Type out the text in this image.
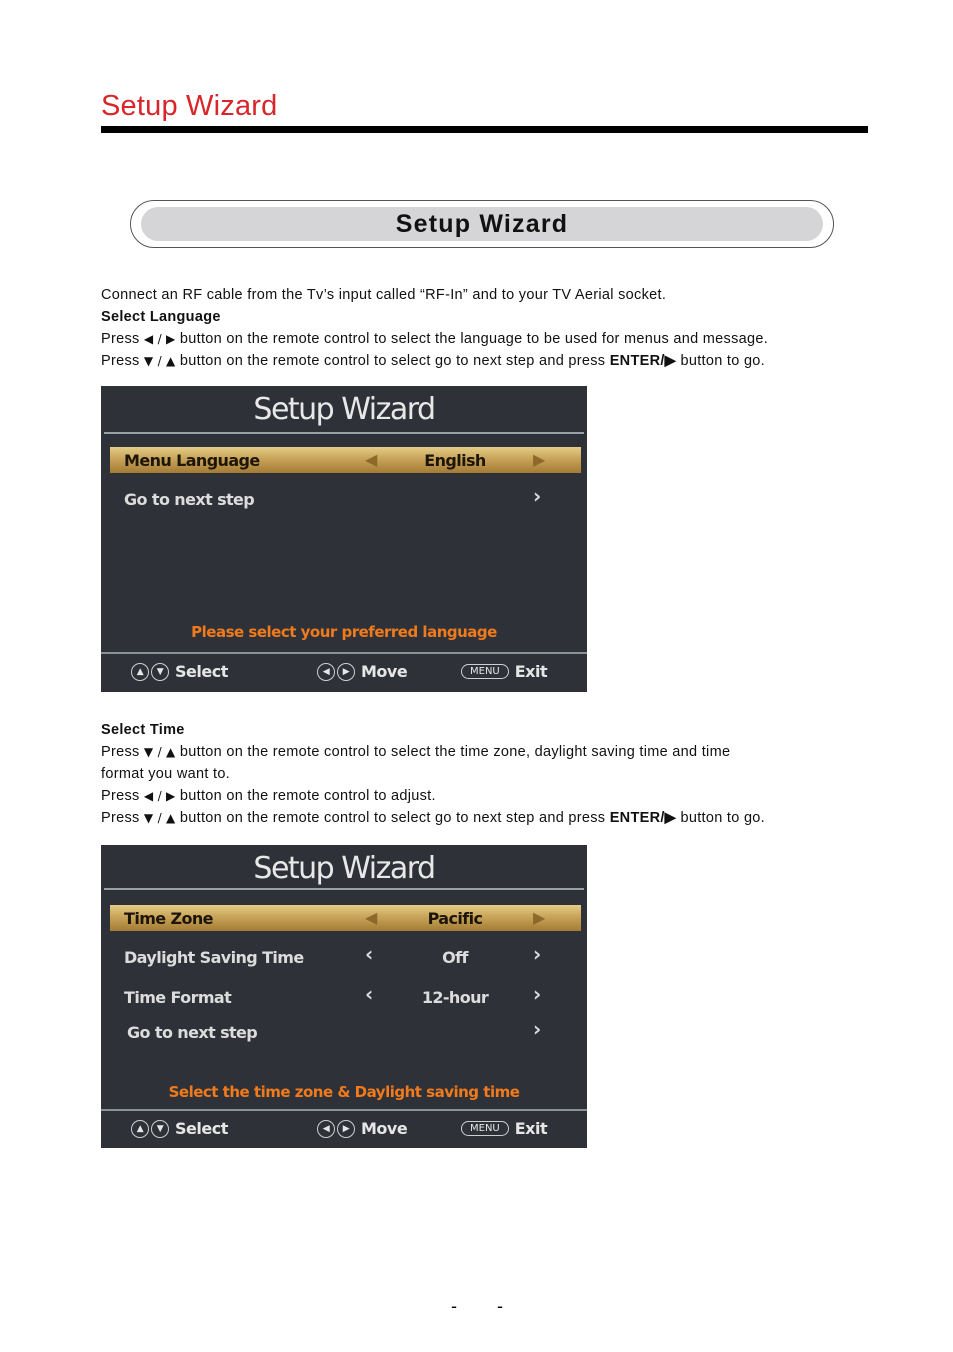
Setup Wizard
Setup Wizard
Connect an RF cable from the Tv’s input called “RF-In” and to your TV Aerial socket.
Select Language
Press ◀ / ▶ button on the remote control to select the language to be used for menus and message.
Press ▼ / ▲ button on the remote control to select go to next step and press ENTER/▶ button to go.
Setup Wizard
Menu Language	◀	English	▶
Go to next step	›
Please select your preferred language
▲	▼ Select	◀	▶ Move	MENU Exit
Select Time
Press ▼ / ▲ button on the remote control to select the time zone, daylight saving time and time
format you want to.
Press ◀ / ▶ button on the remote control to adjust.
Press ▼ / ▲ button on the remote control to select go to next step and press ENTER/▶ button to go.
Setup Wizard
Time Zone	◀	Pacific	▶
Daylight Saving Time	‹	Off	›
Time Format	‹	12-hour	›
Go to next step	›
Select the time zone & Daylight saving time
▲	▼ Select	◀	▶ Move	MENU Exit
- -
